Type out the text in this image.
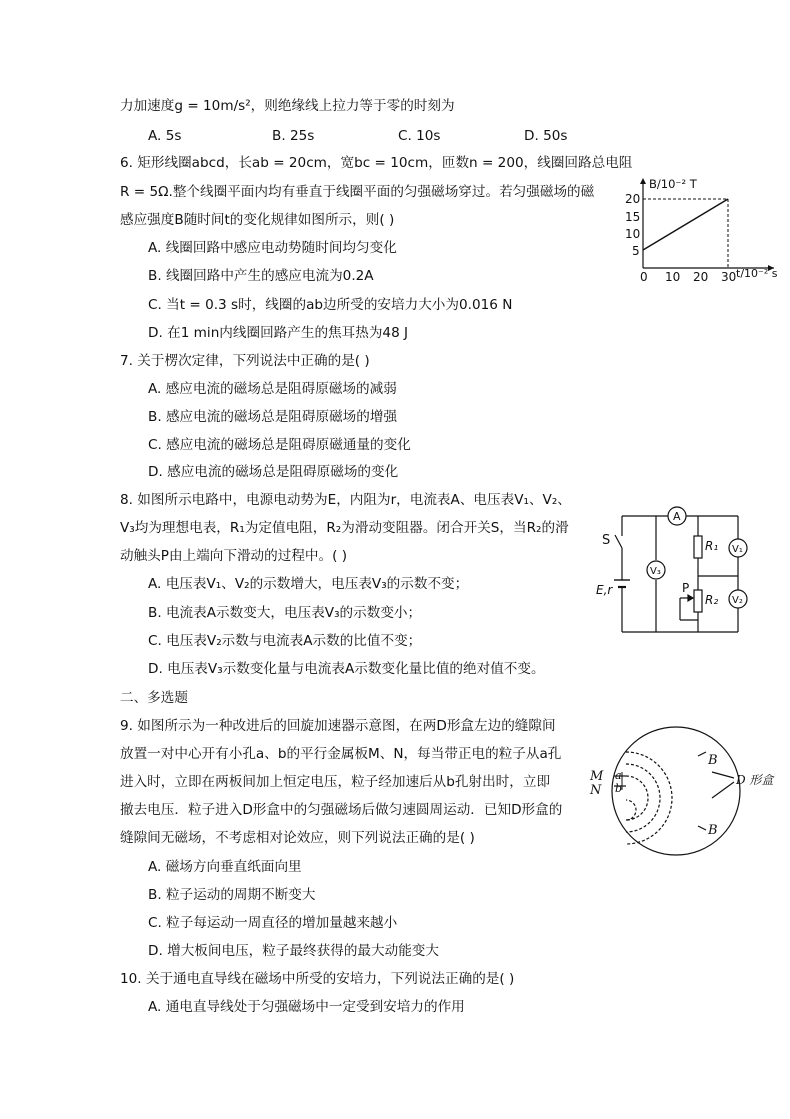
力加速度g = 10m/s²，则绝缘线上拉力等于零的时刻为
A. 5s	B. 25s	C. 10s	D. 50s
6. 矩形线圈abcd，长ab = 20cm，宽bc = 10cm，匝数n = 200，线圈回路总电阻
R = 5Ω.整个线圈平面内均有垂直于线圈平面的匀强磁场穿过。若匀强磁场的磁
感应强度B随时间t的变化规律如图所示，则( )
A. 线圈回路中感应电动势随时间均匀变化
B. 线圈回路中产生的感应电流为0.2A
C. 当t = 0.3 s时，线圈的ab边所受的安培力大小为0.016 N
D. 在1 min内线圈回路产生的焦耳热为48 J
20
15
10
5
0 10 20 30
B/10⁻² T
t/10⁻² s
7. 关于楞次定律，下列说法中正确的是( )
A. 感应电流的磁场总是阻碍原磁场的减弱
B. 感应电流的磁场总是阻碍原磁场的增强
C. 感应电流的磁场总是阻碍原磁通量的变化
D. 感应电流的磁场总是阻碍原磁场的变化
8. 如图所示电路中，电源电动势为E，内阻为r，电流表A、电压表V₁、V₂、
V₃均为理想电表，R₁为定值电阻，R₂为滑动变阻器。闭合开关S，当R₂的滑
动触头P由上端向下滑动的过程中。( )
A. 电压表V₁、V₂的示数增大，电压表V₃的示数不变；
B. 电流表A示数变大，电压表V₃的示数变小；
C. 电压表V₂示数与电流表A示数的比值不变；
D. 电压表V₃示数变化量与电流表A示数变化量比值的绝对值不变。
A
V₃
V₁
V₂
R₁
R₂
P
S
E,r
二、多选题
9. 如图所示为一种改进后的回旋加速器示意图，在两D形盒左边的缝隙间
放置一对中心开有小孔a、b的平行金属板M、N，每当带正电的粒子从a孔
进入时，立即在两板间加上恒定电压，粒子经加速后从b孔射出时，立即
撤去电压．粒子进入D形盒中的匀强磁场后做匀速圆周运动．已知D形盒的
缝隙间无磁场，不考虑相对论效应，则下列说法正确的是( )
A. 磁场方向垂直纸面向里
B. 粒子运动的周期不断变大
C. 粒子每运动一周直径的增加量越来越小
D. 增大板间电压，粒子最终获得的最大动能变大
M
N
a
b
B
B
D 形盒
10. 关于通电直导线在磁场中所受的安培力，下列说法正确的是( )
A. 通电直导线处于匀强磁场中一定受到安培力的作用
